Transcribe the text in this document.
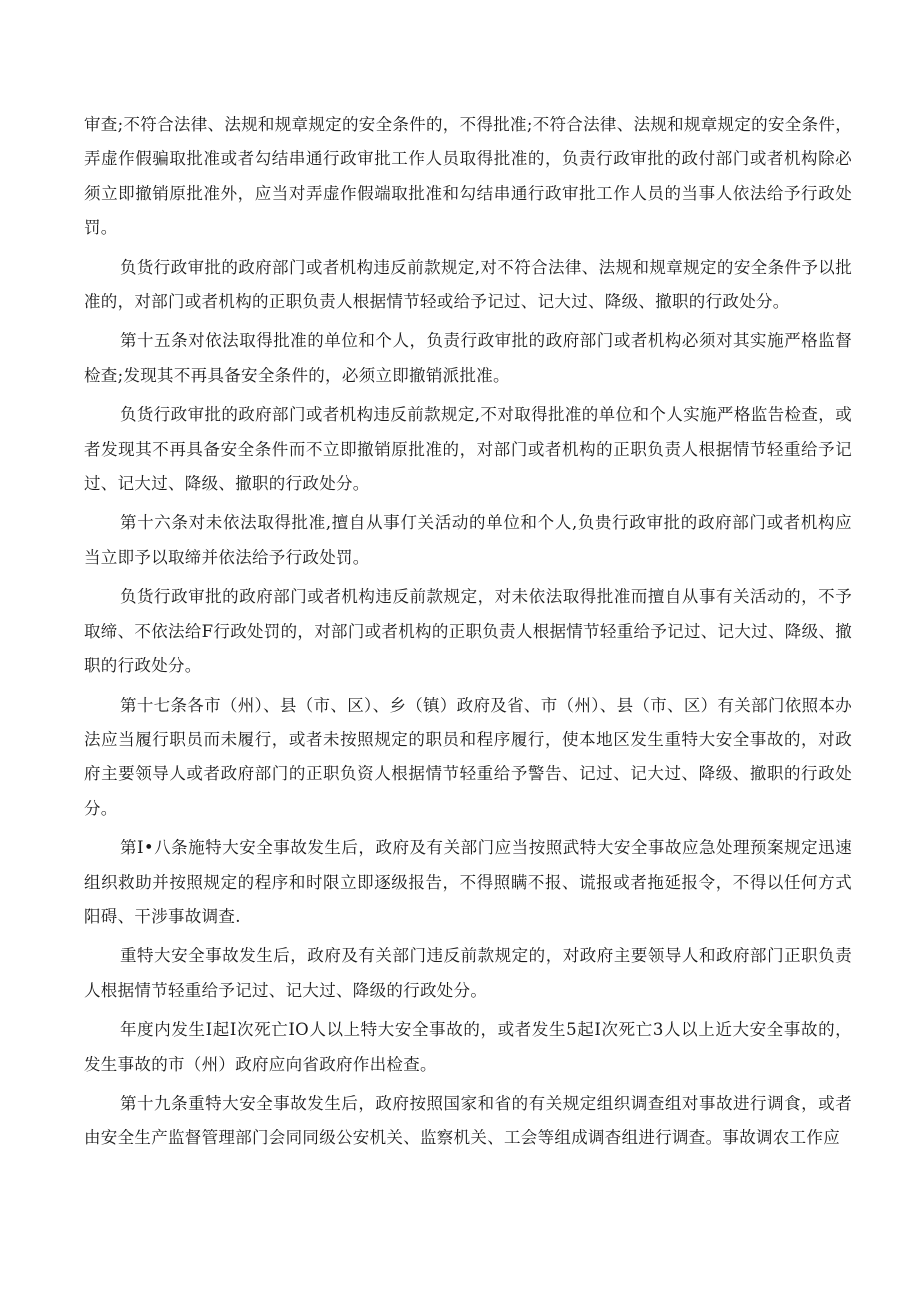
审查;不符合法律、法规和规章规定的安全条件的，不得批准;不符合法律、法规和规章规定的安全条件，弄虚作假骗取批准或者勾结串通行政审批工作人员取得批准的，负责行政审批的政付部门或者机构除必须立即撤销原批准外，应当对弄虚作假端取批准和勾结串通行政审批工作人员的当事人依法给予行政处罚。

负货行政审批的政府部门或者机构违反前款规定,对不符合法律、法规和规章规定的安全条件予以批准的，对部门或者机构的正职负责人根据情节轻或给予记过、记大过、降级、撤职的行政处分。

第十五条对依法取得批准的单位和个人，负责行政审批的政府部门或者机构必须对其实施严格监督检查;发现其不再具备安全条件的，必须立即撤销派批准。

负货行政审批的政府部门或者机构违反前款规定,不对取得批准的单位和个人实施严格监告检查，或者发现其不再具备安全条件而不立即撤销原批准的，对部门或者机构的正职负责人根据情节轻重给予记过、记大过、降级、撤职的行政处分。

第十六条对未依法取得批准,擅自从事仃关活动的单位和个人,负贵行政审批的政府部门或者机构应当立即予以取缔并依法给予行政处罚。

负货行政审批的政府部门或者机构违反前款规定，对未依法取得批准而擅自从事有关活动的，不予取缔、不依法给F行政处罚的，对部门或者机构的正职负责人根据情节轻重给予记过、记大过、降级、撤职的行政处分。

第十七条各市（州）、县（市、区）、乡（镇）政府及省、市（州）、县（市、区）有关部门依照本办法应当履行职员而未履行，或者未按照规定的职员和程序履行，使本地区发生重特大安全事故的，对政府主要领导人或者政府部门的正职负资人根据情节轻重给予警告、记过、记大过、降级、撤职的行政处分。

第I•八条施特大安全事故发生后，政府及有关部门应当按照武特大安全事故应急处理预案规定迅速组织救助并按照规定的程序和时限立即逐级报告，不得照瞒不报、谎报或者拖延报令，不得以任何方式阳碍、干涉事故调查.

重特大安全事故发生后，政府及有关部门违反前款规定的，对政府主要领导人和政府部门正职负责人根据情节轻重给予记过、记大过、降级的行政处分。

年度内发生I起I次死亡IO人以上特大安全事故的，或者发生5起I次死亡3人以上近大安全事故的，发生事故的市（州）政府应向省政府作出检查。

第十九条重特大安全事故发生后，政府按照国家和省的有关规定组织调查组对事故进行调食，或者由安全生产监督管理部门会同同级公安机关、监察机关、工会等组成调杳组进行调查。事故调农工作应
